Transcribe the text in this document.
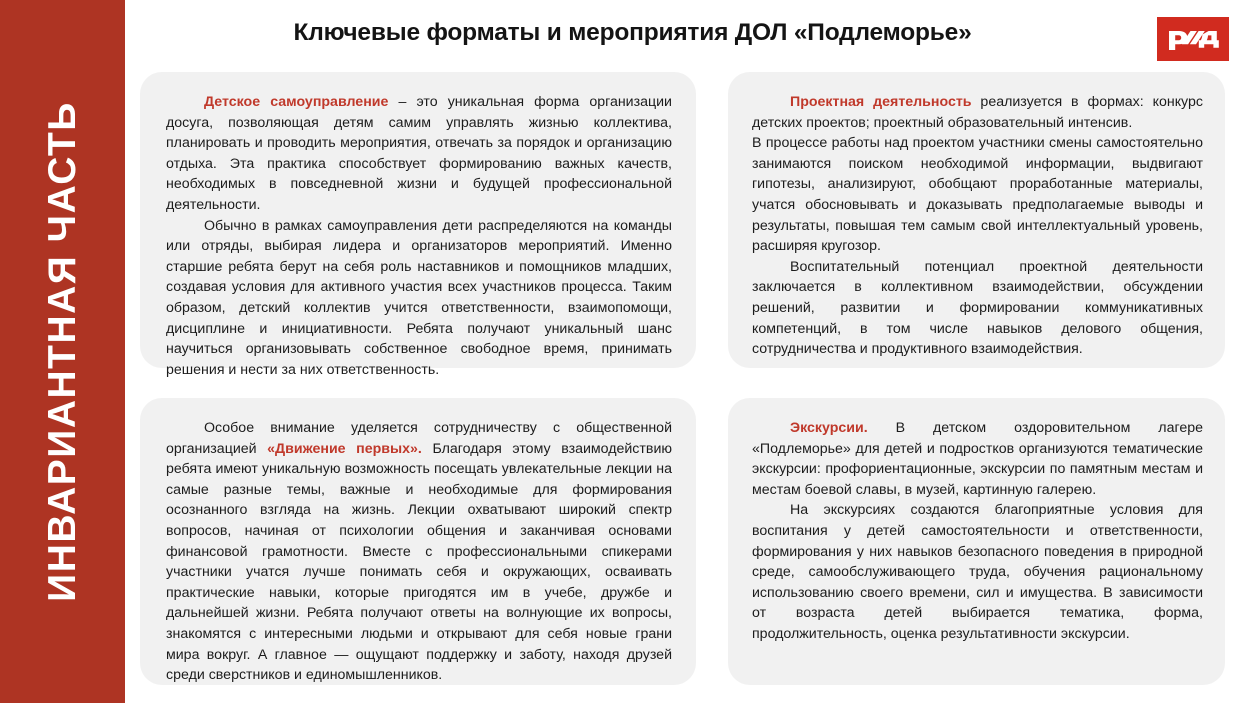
ИНВАРИАНТНАЯ ЧАСТЬ
Ключевые форматы и мероприятия ДОЛ «Подлеморье»

Детское самоуправление – это уникальная форма организации досуга, позволяющая детям самим управлять жизнью коллектива, планировать и проводить мероприятия, отвечать за порядок и организацию отдыха. Эта практика способствует формированию важных качеств, необходимых в повседневной жизни и будущей профессиональной деятельности.

Обычно в рамках самоуправления дети распределяются на команды или отряды, выбирая лидера и организаторов мероприятий. Именно старшие ребята берут на себя роль наставников и помощников младших, создавая условия для активного участия всех участников процесса. Таким образом, детский коллектив учится ответственности, взаимопомощи, дисциплине и инициативности. Ребята получают уникальный шанс научиться организовывать собственное свободное время, принимать решения и нести за них ответственность.

Проектная деятельность реализуется в формах: конкурс детских проектов; проектный образовательный интенсив.

В процессе работы над проектом участники смены самостоятельно занимаются поиском необходимой информации, выдвигают гипотезы, анализируют, обобщают проработанные материалы, учатся обосновывать и доказывать предполагаемые выводы и результаты, повышая тем самым свой интеллектуальный уровень, расширяя кругозор.

Воспитательный потенциал проектной деятельности заключается в коллективном взаимодействии, обсуждении решений, развитии и формировании коммуникативных компетенций, в том числе навыков делового общения, сотрудничества и продуктивного взаимодействия.

Особое внимание уделяется сотрудничеству с общественной организацией «Движение первых». Благодаря этому взаимодействию ребята имеют уникальную возможность посещать увлекательные лекции на самые разные темы, важные и необходимые для формирования осознанного взгляда на жизнь. Лекции охватывают широкий спектр вопросов, начиная от психологии общения и заканчивая основами финансовой грамотности. Вместе с профессиональными спикерами участники учатся лучше понимать себя и окружающих, осваивать практические навыки, которые пригодятся им в учебе, дружбе и дальнейшей жизни. Ребята получают ответы на волнующие их вопросы, знакомятся с интересными людьми и открывают для себя новые грани мира вокруг. А главное — ощущают поддержку и заботу, находя друзей среди сверстников и единомышленников.

Экскурсии. В детском оздоровительном лагере «Подлеморье» для детей и подростков организуются тематические экскурсии: профориентационные, экскурсии по памятным местам и местам боевой славы, в музей, картинную галерею.

На экскурсиях создаются благоприятные условия для воспитания у детей самостоятельности и ответственности, формирования у них навыков безопасного поведения в природной среде, самообслуживающего труда, обучения рациональному использованию своего времени, сил и имущества. В зависимости от возраста детей выбирается тематика, форма, продолжительность, оценка результативности экскурсии.
